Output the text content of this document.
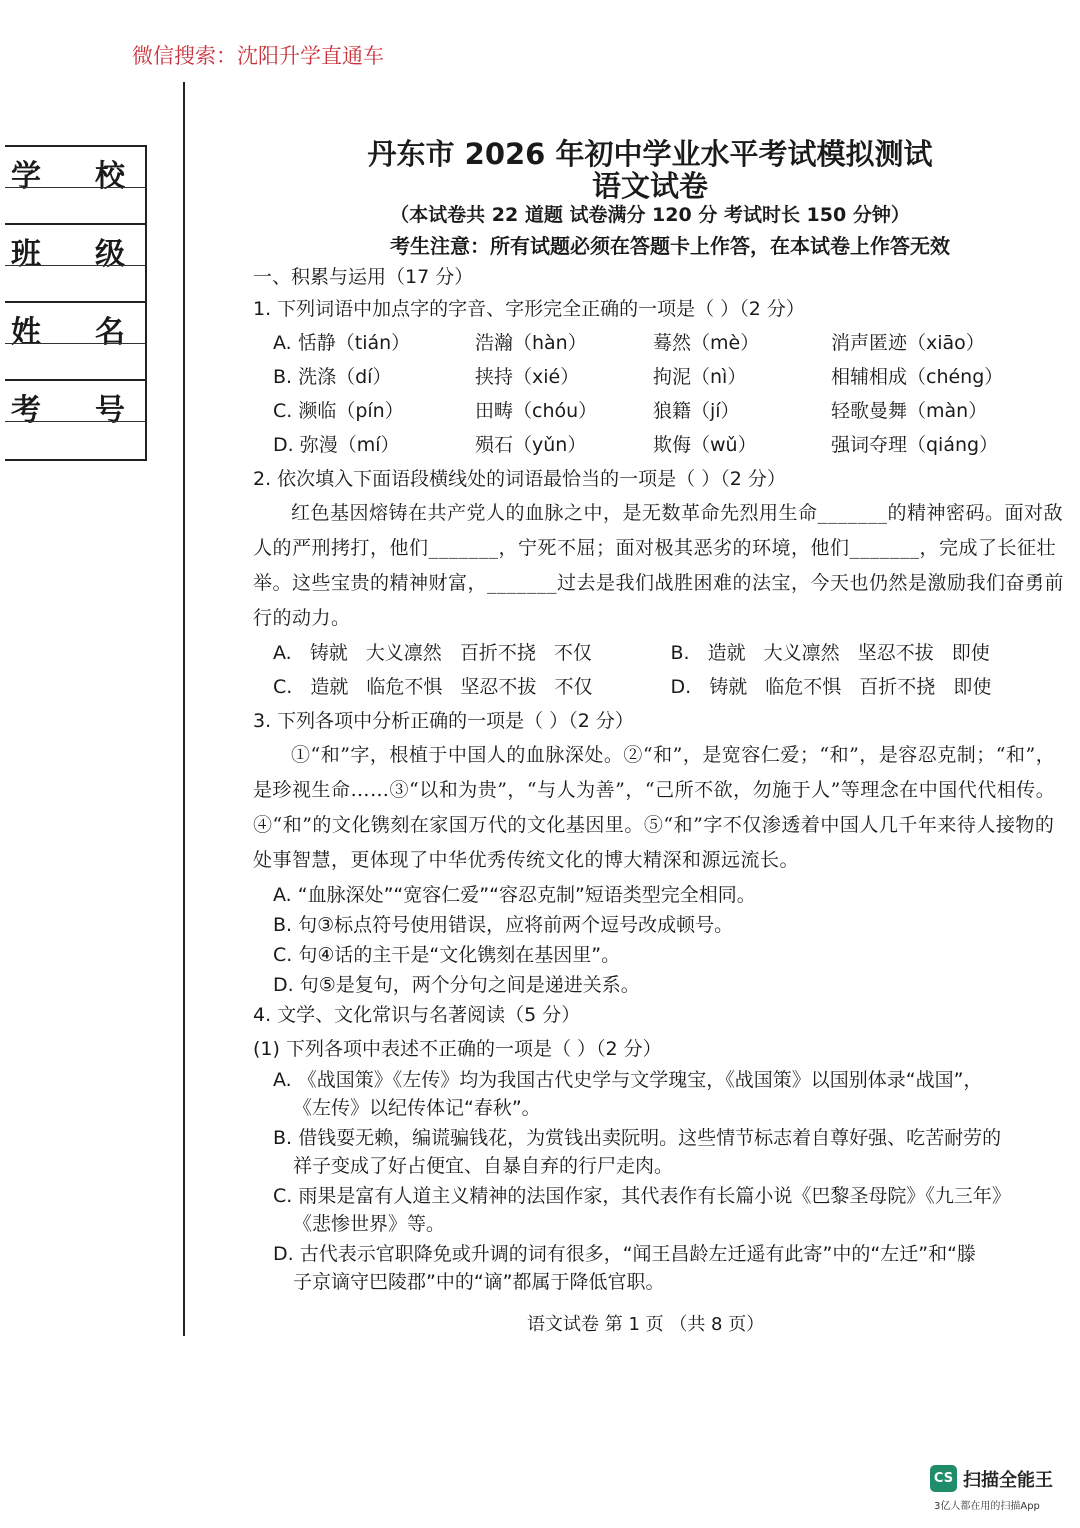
微信搜索：沈阳升学直通车
学 校
班 级
姓 名
考 号
丹东市 2026 年初中学业水平考试模拟测试
语文试卷
（本试卷共 22 道题 试卷满分 120 分 考试时长 150 分钟）
考生注意：所有试题必须在答题卡上作答，在本试卷上作答无效
一、积累与运用（17 分）
1. 下列词语中加点字的字音、字形完全正确的一项是（ ）（2 分）
A. 恬静（tián）	浩瀚（hàn）	蓦然（mè）	消声匿迹（xiāo）
B. 洗涤（dí）	挟持（xié）	拘泥（nì）	相辅相成（chéng）
C. 濒临（pín）	田畴（chóu）	狼籍（jí）	轻歌曼舞（màn）
D. 弥漫（mí）	殒石（yǔn）	欺侮（wǔ）	强词夺理（qiáng）
2. 依次填入下面语段横线处的词语最恰当的一项是（ ）（2 分）
红色基因熔铸在共产党人的血脉之中，是无数革命先烈用生命_______的精神密码。面对敌人的严刑拷打，他们_______，宁死不屈；面对极其恶劣的环境，他们_______，完成了长征壮举。这些宝贵的精神财富，_______过去是我们战胜困难的法宝，今天也仍然是激励我们奋勇前行的动力。
A. 铸就 大义凛然 百折不挠 不仅	B. 造就 大义凛然 坚忍不拔 即使
C. 造就 临危不惧 坚忍不拔 不仅	D. 铸就 临危不惧 百折不挠 即使
3. 下列各项中分析正确的一项是（ ）（2 分）
①“和”字，根植于中国人的血脉深处。②“和”，是宽容仁爱；“和”，是容忍克制；“和”，是珍视生命……③“以和为贵”，“与人为善”，“己所不欲，勿施于人”等理念在中国代代相传。④“和”的文化镌刻在家国万代的文化基因里。⑤“和”字不仅渗透着中国人几千年来待人接物的处事智慧，更体现了中华优秀传统文化的博大精深和源远流长。
A. “血脉深处”“宽容仁爱”“容忍克制”短语类型完全相同。
B. 句③标点符号使用错误，应将前两个逗号改成顿号。
C. 句④话的主干是“文化镌刻在基因里”。
D. 句⑤是复句，两个分句之间是递进关系。
4. 文学、文化常识与名著阅读（5 分）
(1) 下列各项中表述不正确的一项是（ ）（2 分）
A. 《战国策》《左传》均为我国古代史学与文学瑰宝，《战国策》以国别体录“战国”，
《左传》以纪传体记“春秋”。
B. 借钱耍无赖，编谎骗钱花，为赏钱出卖阮明。这些情节标志着自尊好强、吃苦耐劳的
祥子变成了好占便宜、自暴自弃的行尸走肉。
C. 雨果是富有人道主义精神的法国作家，其代表作有长篇小说《巴黎圣母院》《九三年》
《悲惨世界》等。
D. 古代表示官职降免或升调的词有很多，“闻王昌龄左迁遥有此寄”中的“左迁”和“滕
子京谪守巴陵郡”中的“谪”都属于降低官职。
语文试卷 第 1 页 （共 8 页）
CS 扫描全能王
3亿人都在用的扫描App
